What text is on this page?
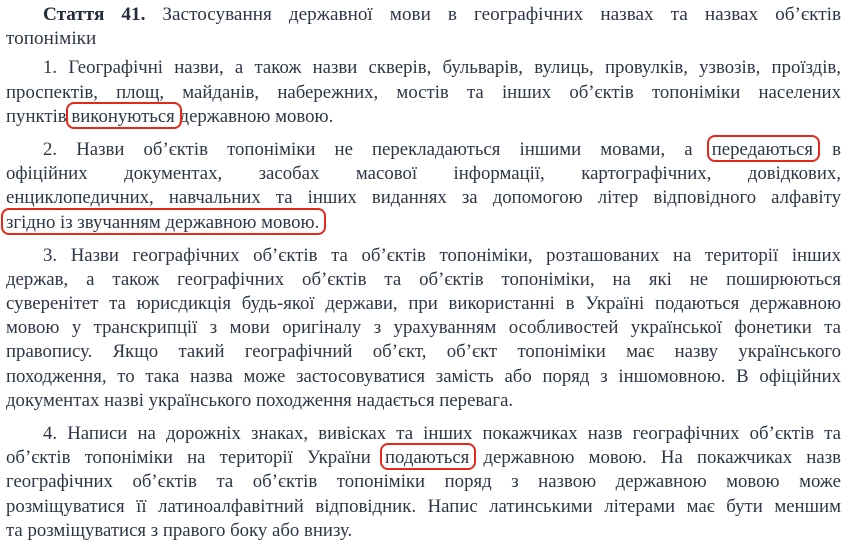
Стаття 41. Застосування державної мови в географічних назвах та назвах об’єктів
топоніміки
1. Географічні назви, а також назви скверів, бульварів, вулиць, провулків, узвозів, проїздів,
проспектів, площ, майданів, набережних, мостів та інших об’єктів топоніміки населених
пунктів виконуються державною мовою.
2. Назви об’єктів топоніміки не перекладаються іншими мовами, а передаються в
офіційних документах, засобах масової інформації, картографічних, довідкових,
енциклопедичних, навчальних та інших виданнях за допомогою літер відповідного алфавіту
згідно із звучанням державною мовою.
3. Назви географічних об’єктів та об’єктів топоніміки, розташованих на території інших
держав, а також географічних об’єктів та об’єктів топоніміки, на які не поширюються
суверенітет та юрисдикція будь-якої держави, при використанні в Україні подаються державною
мовою у транскрипції з мови оригіналу з урахуванням особливостей української фонетики та
правопису. Якщо такий географічний об’єкт, об’єкт топоніміки має назву українського
походження, то така назва може застосовуватися замість або поряд з іншомовною. В офіційних
документах назві українського походження надається перевага.
4. Написи на дорожніх знаках, вивісках та інших покажчиках назв географічних об’єктів та
об’єктів топоніміки на території України подаються державною мовою. На покажчиках назв
географічних об’єктів та об’єктів топоніміки поряд з назвою державною мовою може
розміщуватися її латиноалфавітний відповідник. Напис латинськими літерами має бути меншим
та розміщуватися з правого боку або внизу.
